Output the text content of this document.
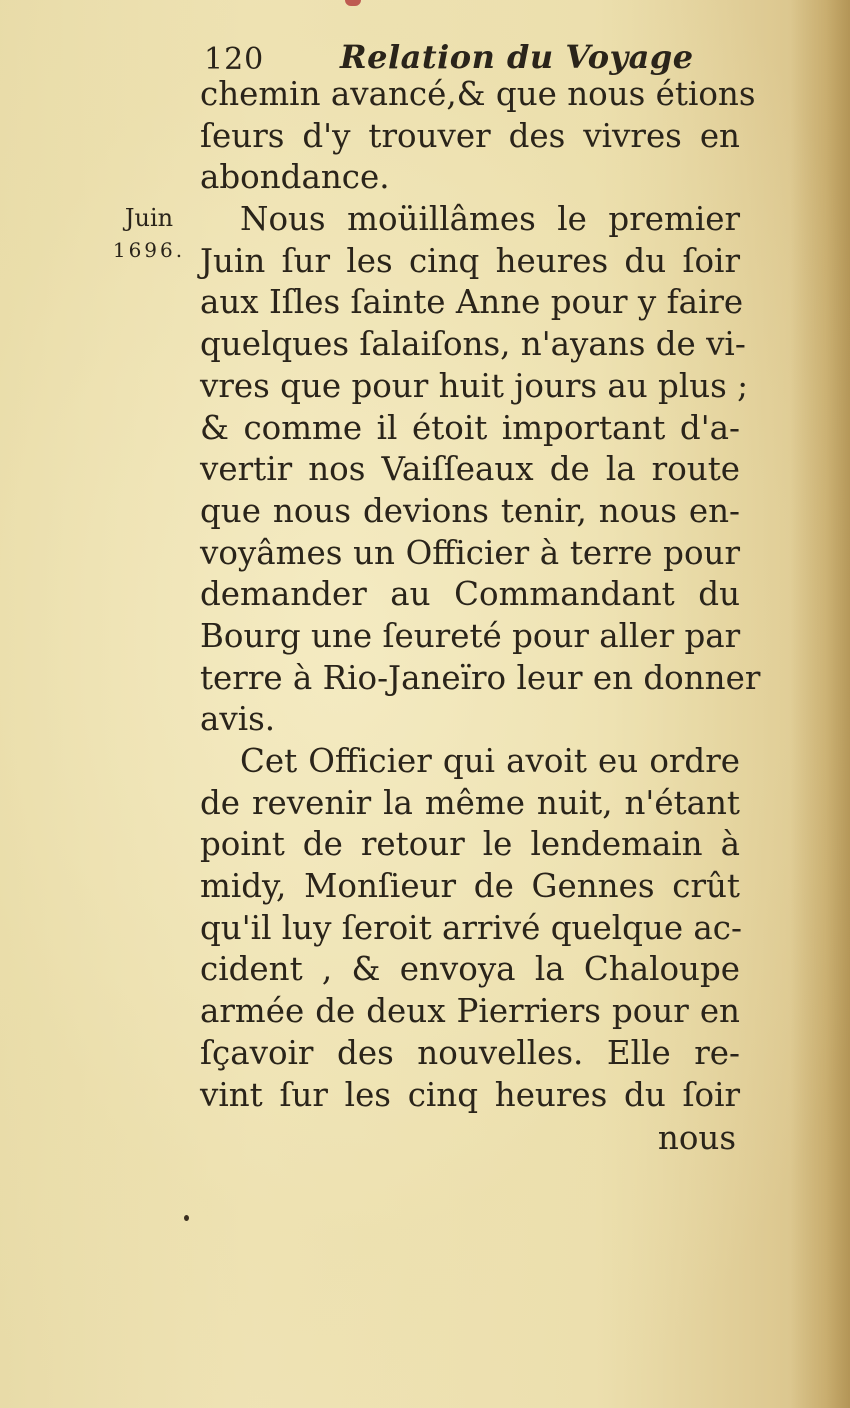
120 Relation du Voyage
Juin
1696.
chemin avancé,& que nous étions
ſeurs d'y trouver des vivres en
abondance.
Nous moüillâmes le premier
Juin ſur les cinq heures du ſoir
aux Iſles ſainte Anne pour y faire
quelques ſalaiſons, n'ayans de vi-
vres que pour huit jours au plus ;
& comme il étoit important d'a-
vertir nos Vaiſſeaux de la route
que nous devions tenir, nous en-
voyâmes un Officier à terre pour
demander au Commandant du
Bourg une ſeureté pour aller par
terre à Rio-Janeïro leur en donner
avis.
Cet Officier qui avoit eu ordre
de revenir la même nuit, n'étant
point de retour le lendemain à
midy, Monſieur de Gennes crût
qu'il luy ſeroit arrivé quelque ac-
cident , & envoya la Chaloupe
armée de deux Pierriers pour en
ſçavoir des nouvelles. Elle re-
vint ſur les cinq heures du ſoir
nous
